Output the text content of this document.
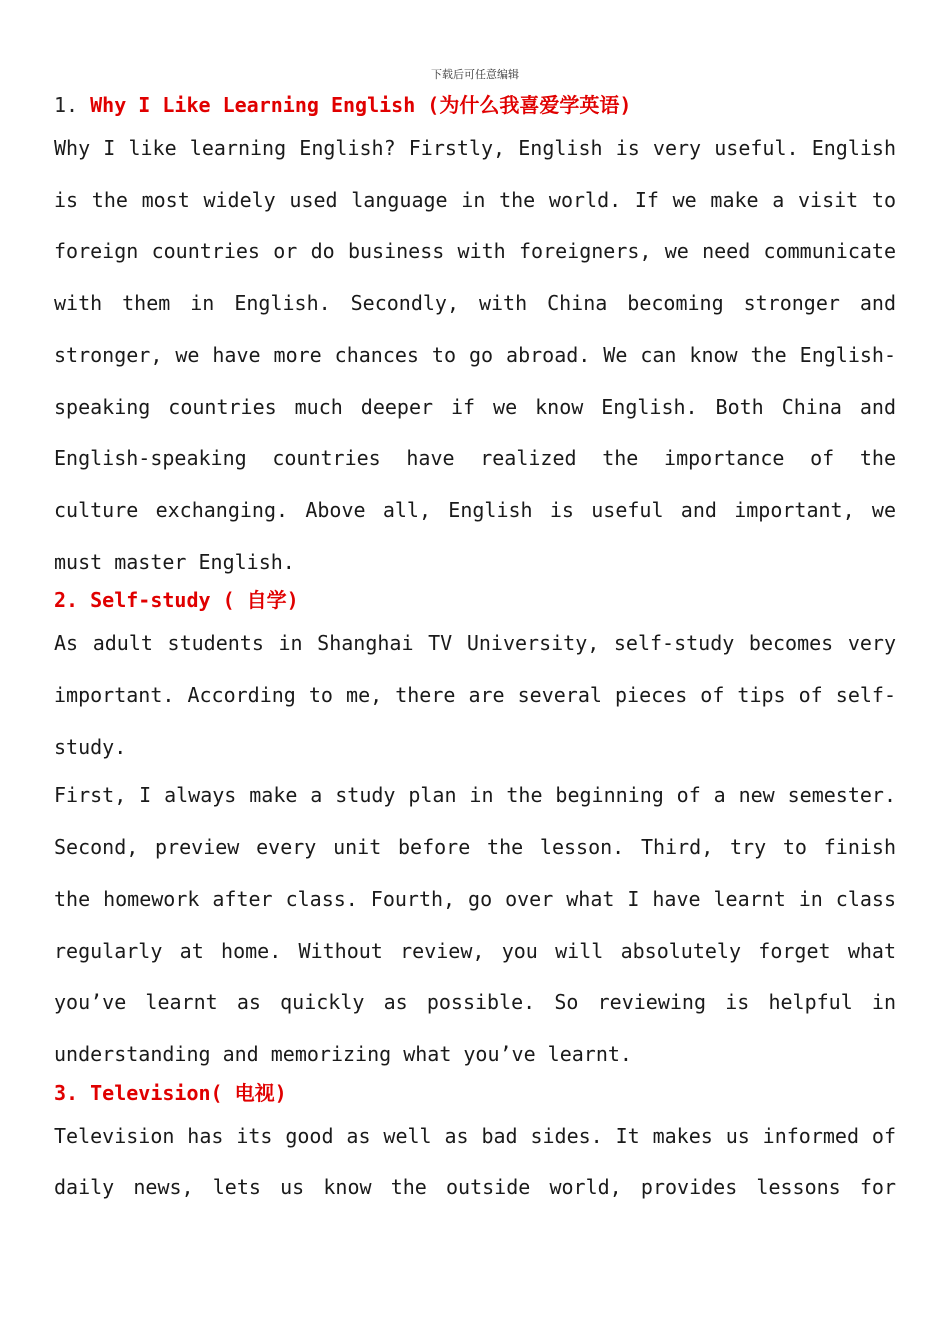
下载后可任意编辑
1. Why I Like Learning English (为什么我喜爱学英语)

Why I like learning English? Firstly, English is very useful. English is the most widely used language in the world. If we make a visit to foreign countries or do business with foreigners, we need communicate with them in English. Secondly, with China becoming stronger and stronger, we have more chances to go abroad. We can know the English-speaking countries much deeper if we know English. Both China and English-speaking countries have realized the importance of the culture exchanging. Above all, English is useful and important, we must master English.

2. Self-study ( 自学)

As adult students in Shanghai TV University, self-study becomes very important. According to me, there are several pieces of tips of self-study.

First, I always make a study plan in the beginning of a new semester. Second, preview every unit before the lesson. Third, try to finish the homework after class. Fourth, go over what I have learnt in class regularly at home. Without review, you will absolutely forget what you’ve learnt as quickly as possible. So reviewing is helpful in understanding and memorizing what you’ve learnt.

3. Television( 电视)

Television has its good as well as bad sides. It makes us informed of daily news, lets us know the outside world, provides lessons for
